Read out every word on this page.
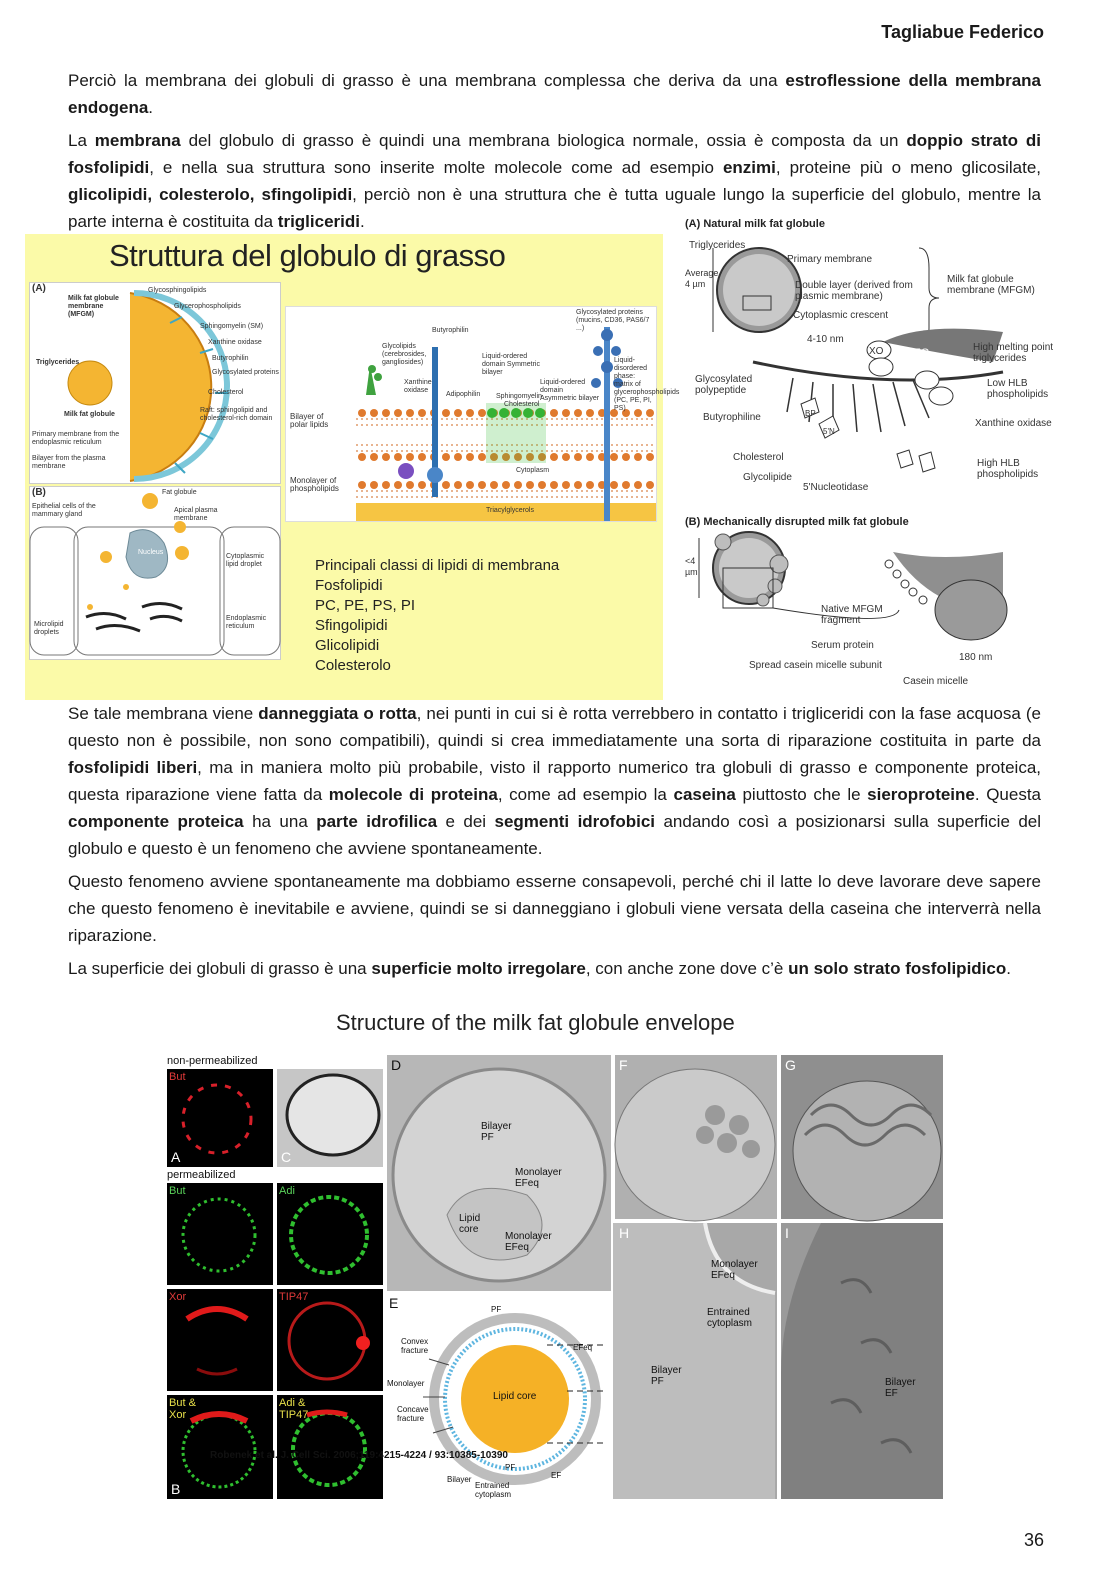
Tagliabue Federico

Perciò la membrana dei globuli di grasso è una membrana complessa che deriva da una estroflessione della membrana endogena.

La membrana del globulo di grasso è quindi una membrana biologica normale, ossia è composta da un doppio strato di fosfolipidi, e nella sua struttura sono inserite molte molecole come ad esempio enzimi, proteine più o meno glicosilate, glicolipidi, colesterolo, sfingolipidi, perciò non è una struttura che è tutta uguale lungo la superficie del globulo, mentre la parte interna è costituita da trigliceridi.

Struttura del globulo di grasso
(A)
Milk fat globule membrane (MFGM)
Triglycerides
Milk fat globule
Glycosphingolipids
Glycerophospholipids
Sphingomyelin (SM)
Xanthine oxidase
Butyrophilin
Glycosylated proteins
Cholesterol
Raft: sphingolipid and cholesterol-rich domain
Primary membrane from the endoplasmic reticulum
Bilayer from the plasma membrane
(B)
Epithelial cells of the mammary gland
Fat globule
Apical plasma membrane
Cytoplasmic lipid droplet
Endoplasmic reticulum
Microlipid droplets
Nucleus
Bilayer of polar lipids
Monolayer of phospholipids
Triacylglycerols
Cytoplasm
Butyrophilin
Adipophilin
Xanthine oxidase
Glycolipids (cerebrosides, gangliosides)
Liquid-ordered domain Symmetric bilayer
Liquid-ordered domain Asymmetric bilayer
Liquid-disordered phase: matrix of glycerophospholipids (PC, PE, PI, PS)
Glycosylated proteins (mucins, CD36, PAS6/7 ...)
Sphingomyelin
Cholesterol
Principali classi di lipidi di membrana
Fosfolipidi
PC, PE, PS, PI
Sfingolipidi
Glicolipidi
Colesterolo
(A) Natural milk fat globule
Triglycerides
Average 4 µm
Primary membrane
Double layer (derived from plasmic membrane)
Cytoplasmic crescent
Milk fat globule membrane (MFGM)
4-10 nm
XO $TG_{HMP}$
High melting point triglycerides
Glycosylated polypeptide
Low HLB phospholipids
Butyrophiline	BP
5'N
Xanthine oxidase
Cholesterol
Glycolipide
5'Nucleotidase
High HLB phospholipids
(B) Mechanically disrupted milk fat globule
<4 µm
Native MFGM fragment
Serum protein
Spread casein micelle subunit
180 nm
Casein micelle

Se tale membrana viene danneggiata o rotta, nei punti in cui si è rotta verrebbero in contatto i trigliceridi con la fase acquosa (e questo non è possibile, non sono compatibili), quindi si crea immediatamente una sorta di riparazione costituita in parte da fosfolipidi liberi, ma in maniera molto più probabile, visto il rapporto numerico tra globuli di grasso e componente proteica, questa riparazione viene fatta da molecole di proteina, come ad esempio la caseina piuttosto che le sieroproteine. Questa componente proteica ha una parte idrofilica e dei segmenti idrofobici andando così a posizionarsi sulla superficie del globulo e questo è un fenomeno che avviene spontaneamente.

Questo fenomeno avviene spontaneamente ma dobbiamo esserne consapevoli, perché chi il latte lo deve lavorare deve sapere che questo fenomeno è inevitabile e avviene, quindi se si danneggiano i globuli viene versata della caseina che interverrà nella riparazione.

La superficie dei globuli di grasso è una superficie molto irregolare, con anche zone dove c’è un solo strato fosfolipidico.

Structure of the milk fat globule envelope
non-permeabilized
But
A	C
permeabilized
But	Adi
Xor	TIP47
But & Xor
B
Adi & TIP47
D
Bilayer PF
Monolayer EFeq
Lipid core
Monolayer EFeq
E	PF
Convex fracture
Monolayer
Concave fracture
Lipid core
EFeq
PF
EF
Bilayer
Entrained cytoplasm
F	G
H
Monolayer EFeq
Entrained cytoplasm
Bilayer PF
I
Bilayer EF
Robenek et al. J. Cell Sci. 2006;119:4215-4224 / 93:10385-10390
36
